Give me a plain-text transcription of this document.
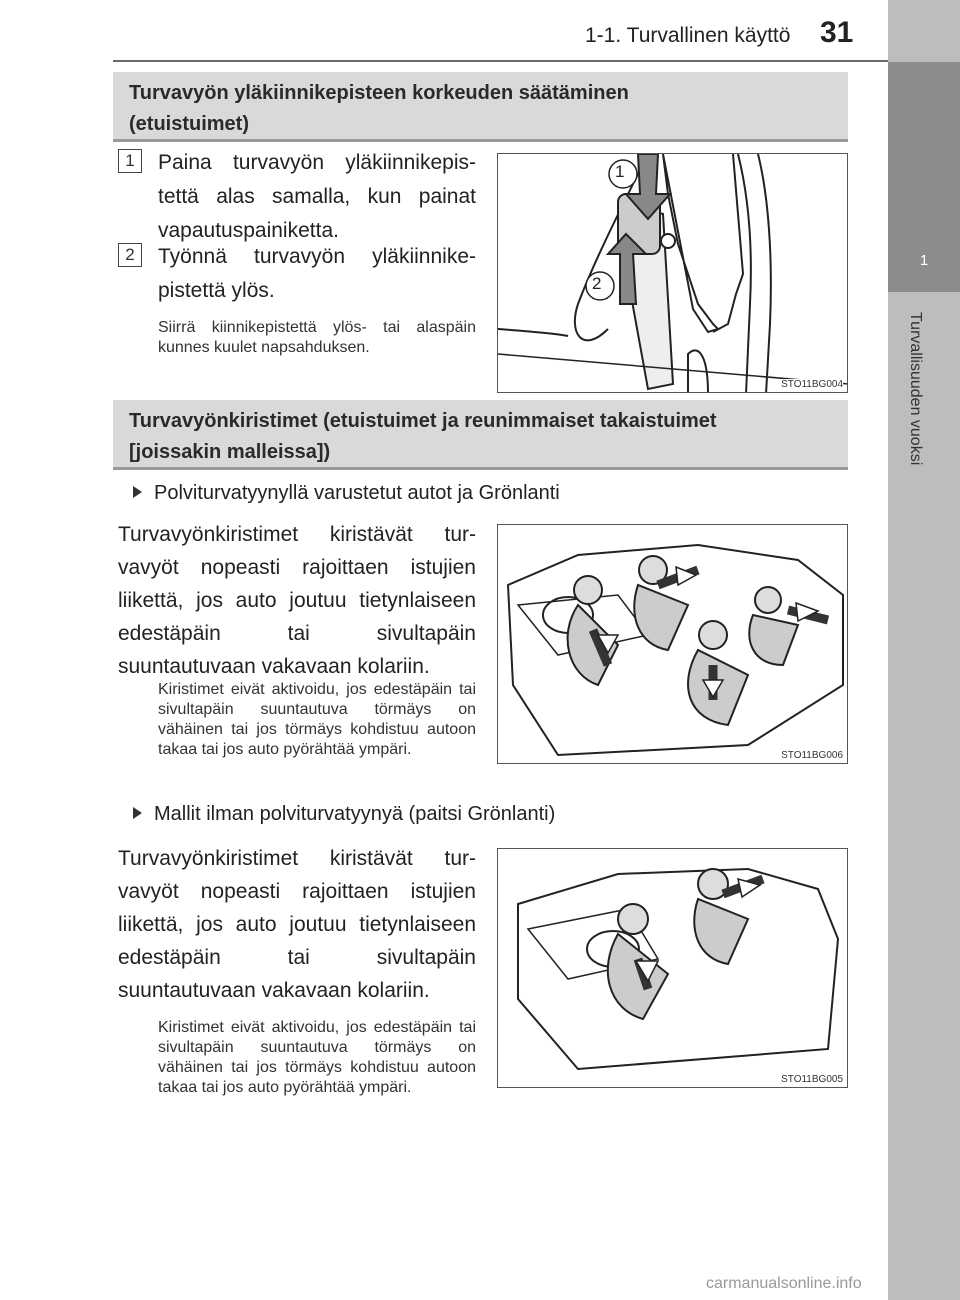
1-1. Turvallinen käyttö 31
1
Turvallisuuden vuoksi
Turvavyön yläkiinnikepisteen korkeuden säätäminen
(etuistuimet)
1	Paina turvavyön yläkiinnikepistettä alas samalla, kun painat vapautuspainiketta.
2	Työnnä turvavyön yläkiinnikepistettä ylös.
Siirrä kiinnikepistettä ylös- tai alaspäin kunnes kuulet napsahduksen.
1
2
STO11BG004
Turvavyönkiristimet (etuistuimet ja reunimmaiset takaistuimet
[joissakin malleissa])
Polviturvatyynyllä varustetut autot ja Grönlanti
Turvavyönkiristimet kiristävät turvavyöt nopeasti rajoittaen istujien liikettä, jos auto joutuu tietynlaiseen edestäpäin tai sivultapäin suuntautuvaan vakavaan kolariin.
Kiristimet eivät aktivoidu, jos edestäpäin tai sivultapäin suuntautuva törmäys on vähäinen tai jos törmäys kohdistuu autoon takaa tai jos auto pyörähtää ympäri.	STO11BG006
Mallit ilman polviturvatyynyä (paitsi Grönlanti)
Turvavyönkiristimet kiristävät turvavyöt nopeasti rajoittaen istujien liikettä, jos auto joutuu tietynlaiseen edestäpäin tai sivultapäin suuntautuvaan vakavaan kolariin.
Kiristimet eivät aktivoidu, jos edestäpäin tai sivultapäin suuntautuva törmäys on vähäinen tai jos törmäys kohdistuu autoon takaa tai jos auto pyörähtää ympäri.	STO11BG005
carmanualsonline.info
